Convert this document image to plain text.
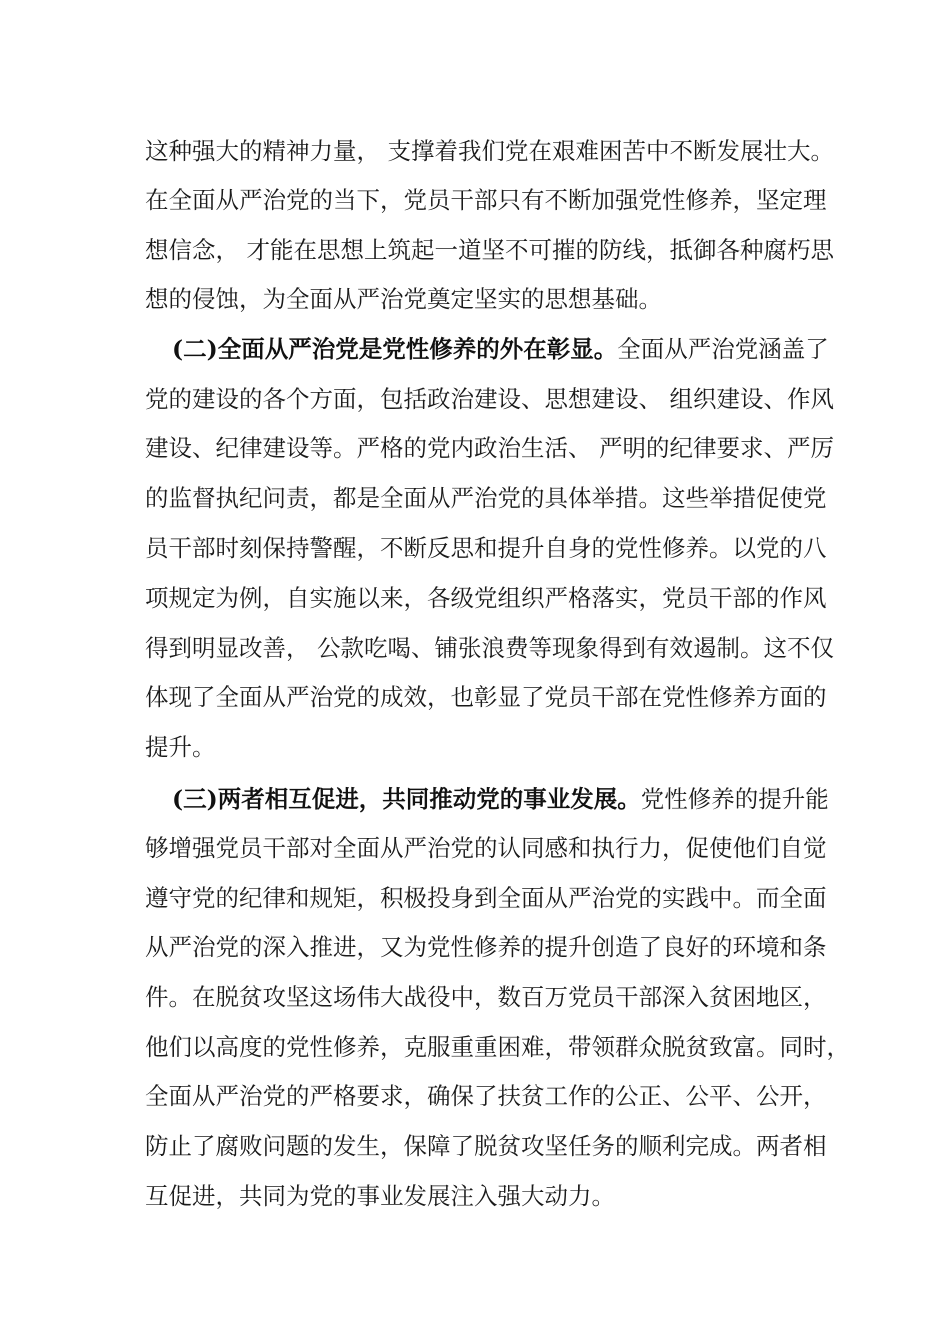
这种强大的精神力量， 支撑着我们党在艰难困苦中不断发展壮大。
在全面从严治党的当下，党员干部只有不断加强党性修养，坚定理
想信念， 才能在思想上筑起一道坚不可摧的防线，抵御各种腐朽思
想的侵蚀，为全面从严治党奠定坚实的思想基础。
(二)全面从严治党是党性修养的外在彰显。全面从严治党涵盖了
党的建设的各个方面，包括政治建设、思想建设、 组织建设、作风
建设、纪律建设等。严格的党内政治生活、 严明的纪律要求、严厉
的监督执纪问责，都是全面从严治党的具体举措。这些举措促使党
员干部时刻保持警醒，不断反思和提升自身的党性修养。以党的八
项规定为例，自实施以来，各级党组织严格落实，党员干部的作风
得到明显改善， 公款吃喝、铺张浪费等现象得到有效遏制。这不仅
体现了全面从严治党的成效，也彰显了党员干部在党性修养方面的
提升。
(三)两者相互促进，共同推动党的事业发展。党性修养的提升能
够增强党员干部对全面从严治党的认同感和执行力，促使他们自觉
遵守党的纪律和规矩，积极投身到全面从严治党的实践中。而全面
从严治党的深入推进，又为党性修养的提升创造了良好的环境和条
件。在脱贫攻坚这场伟大战役中，数百万党员干部深入贫困地区，
他们以高度的党性修养，克服重重困难，带领群众脱贫致富。同时，
全面从严治党的严格要求，确保了扶贫工作的公正、公平、公开，
防止了腐败问题的发生，保障了脱贫攻坚任务的顺利完成。两者相
互促进，共同为党的事业发展注入强大动力。
